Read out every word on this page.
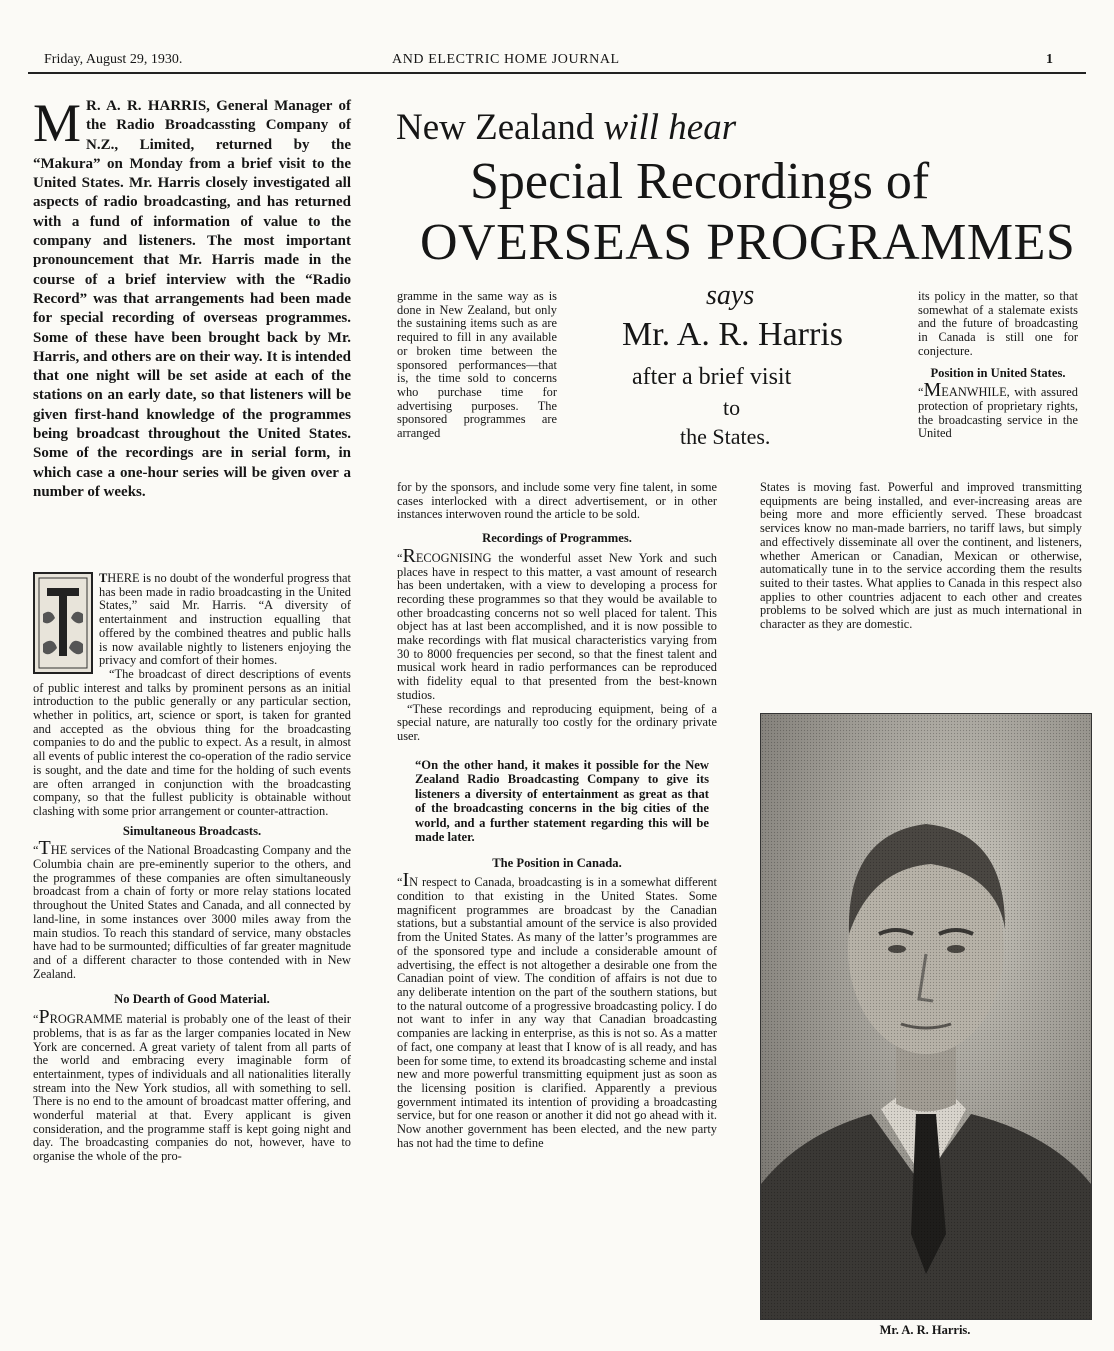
Friday, August 29, 1930.	AND ELECTRIC HOME JOURNAL	1
M R. A. R. HARRIS, General Manager of the Radio Broadcassting Company of N.Z., Limited, returned by the “Makura” on Monday from a brief visit to the United States. Mr. Harris closely investigated all aspects of radio broadcasting, and has returned with a fund of information of value to the company and listeners. The most important pronouncement that Mr. Harris made in the course of a brief interview with the “Radio Record” was that arrangements had been made for special recording of overseas programmes. Some of these have been brought back by Mr. Harris, and others are on their way. It is intended that one night will be set aside at each of the stations on an early date, so that listeners will be given first-hand knowledge of the programmes being broadcast throughout the United States. Some of the recordings are in serial form, in which case a one-hour series will be given over a number of weeks.
New Zealand will hear
Special Recordings of
OVERSEAS PROGRAMMES
says
Mr. A. R. Harris
after a brief visit
to
the States.

THERE is no doubt of the wonderful progress that has been made in radio broadcasting in the United States,” said Mr. Harris. “A diversity of entertainment and instruction equalling that offered by the combined theatres and public halls is now available nightly to listeners enjoying the privacy and comfort of their homes.

“The broadcast of direct descriptions of events of public interest and talks by prominent persons as an initial introduction to the public generally or any particular section, whether in politics, art, science or sport, is taken for granted and accepted as the obvious thing for the broadcasting companies to do and the public to expect. As a result, in almost all events of public interest the co-operation of the radio service is sought, and the date and time for the holding of such events are often arranged in conjunction with the broadcasting company, so that the fullest publicity is obtainable without clashing with some prior arrangement or counter-attraction.

Simultaneous Broadcasts.

“THE services of the National Broadcasting Company and the Columbia chain are pre-eminently superior to the others, and the programmes of these companies are often simultaneously broadcast from a chain of forty or more relay stations located throughout the United States and Canada, and all connected by land-line, in some instances over 3000 miles away from the main studios. To reach this standard of service, many obstacles have had to be surmounted; difficulties of far greater magnitude and of a different character to those contended with in New Zealand.

No Dearth of Good Material.

“PROGRAMME material is probably one of the least of their problems, that is as far as the larger companies located in New York are concerned. A great variety of talent from all parts of the world and embracing every imaginable form of entertainment, types of individuals and all nationalities literally stream into the New York studios, all with something to sell. There is no end to the amount of broadcast matter offering, and wonderful material at that. Every applicant is given consideration, and the programme staff is kept going night and day. The broadcasting companies do not, however, have to organise the whole of the pro-

gramme in the same way as is done in New Zealand, but only the sustaining items such as are required to fill in any available or broken time between the sponsored performances—that is, the time sold to concerns who purchase time for advertising purposes. The sponsored programmes are arranged

for by the sponsors, and include some very fine talent, in some cases interlocked with a direct advertisement, or in other instances interwoven round the article to be sold.

Recordings of Programmes.

“RECOGNISING the wonderful asset New York and such places have in respect to this matter, a vast amount of research has been undertaken, with a view to developing a process for recording these programmes so that they would be available to other broadcasting concerns not so well placed for talent. This object has at last been accomplished, and it is now possible to make recordings with flat musical characteristics varying from 30 to 8000 frequencies per second, so that the finest talent and musical work heard in radio performances can be reproduced with fidelity equal to that presented from the best-known studios.

“These recordings and reproducing equipment, being of a special nature, are naturally too costly for the ordinary private user.

“On the other hand, it makes it possible for the New Zealand Radio Broadcasting Company to give its listeners a diversity of entertainment as great as that of the broadcasting concerns in the big cities of the world, and a further statement regarding this will be made later.

The Position in Canada.

“IN respect to Canada, broadcasting is in a somewhat different condition to that existing in the United States. Some magnificent programmes are broadcast by the Canadian stations, but a substantial amount of the service is also provided from the United States. As many of the latter’s programmes are of the sponsored type and include a considerable amount of advertising, the effect is not altogether a desirable one from the Canadian point of view. The condition of affairs is not due to any deliberate intention on the part of the southern stations, but to the natural outcome of a progressive broadcasting policy. I do not want to infer in any way that Canadian broadcasting companies are lacking in enterprise, as this is not so. As a matter of fact, one company at least that I know of is all ready, and has been for some time, to extend its broadcasting scheme and instal new and more powerful transmitting equipment just as soon as the licensing position is clarified. Apparently a previous government intimated its intention of providing a broadcasting service, but for one reason or another it did not go ahead with it. Now another government has been elected, and the new party has not had the time to define

its policy in the matter, so that somewhat of a stalemate exists and the future of broadcasting in Canada is still one for conjecture.

Position in United States.

“MEANWHILE, with assured protection of proprietary rights, the broadcasting service in the United

States is moving fast. Powerful and improved transmitting equipments are being installed, and ever-increasing areas are being more and more efficiently served. These broadcast services know no man-made barriers, no tariff laws, but simply and effectively disseminate all over the continent, and listeners, whether American or Canadian, Mexican or otherwise, automatically tune in to the service according them the results suited to their tastes. What applies to Canada in this respect also applies to other countries adjacent to each other and creates problems to be solved which are just as much international in character as they are domestic.

Mr. A. R. Harris.
